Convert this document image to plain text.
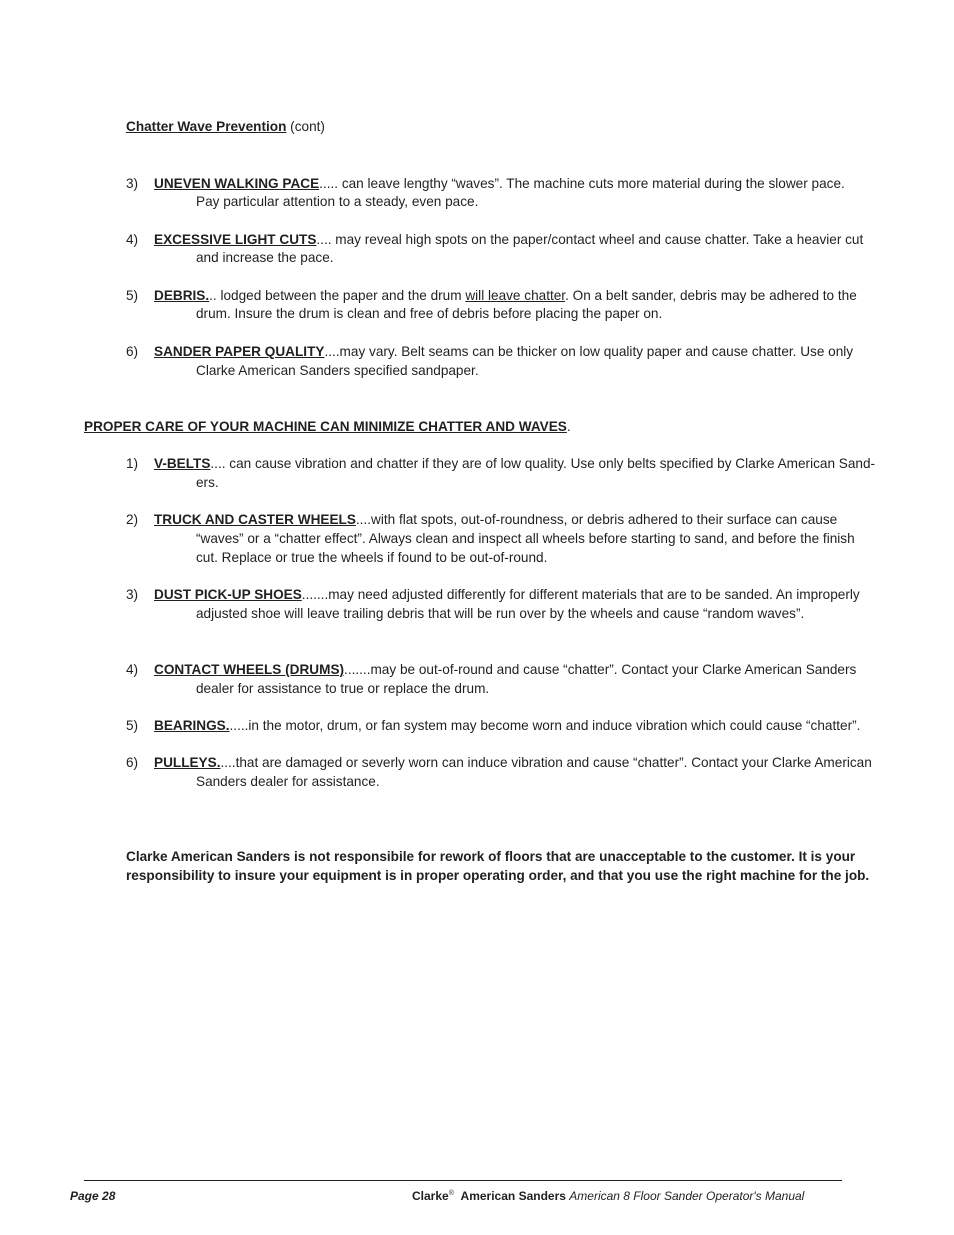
Chatter Wave Prevention (cont)
3) UNEVEN WALKING PACE..... can leave lengthy “waves”. The machine cuts more material during the slower pace.
Pay particular attention to a steady, even pace.
4) EXCESSIVE LIGHT CUTS.... may reveal high spots on the paper/contact wheel and cause chatter. Take a heavier cut
and increase the pace.
5) DEBRIS... lodged between the paper and the drum will leave chatter. On a belt sander, debris may be adhered to the
drum. Insure the drum is clean and free of debris before placing the paper on.
6) SANDER PAPER QUALITY....may vary. Belt seams can be thicker on low quality paper and cause chatter. Use only
Clarke American Sanders specified sandpaper.
PROPER CARE OF YOUR MACHINE CAN MINIMIZE CHATTER AND WAVES.
1) V-BELTS.... can cause vibration and chatter if they are of low quality. Use only belts specified by Clarke American Sand-
ers.
2) TRUCK AND CASTER WHEELS....with flat spots, out-of-roundness, or debris adhered to their surface can cause
“waves” or a “chatter effect”. Always clean and inspect all wheels before starting to sand, and before the finish
cut. Replace or true the wheels if found to be out-of-round.
3) DUST PICK-UP SHOES.......may need adjusted differently for different materials that are to be sanded. An improperly
adjusted shoe will leave trailing debris that will be run over by the wheels and cause “random waves”.
4) CONTACT WHEELS (DRUMS).......may be out-of-round and cause “chatter”. Contact your Clarke American Sanders
dealer for assistance to true or replace the drum.
5) BEARINGS......in the motor, drum, or fan system may become worn and induce vibration which could cause “chatter”.
6) PULLEYS.....that are damaged or severly worn can induce vibration and cause “chatter”. Contact your Clarke American
Sanders dealer for assistance.
Clarke American Sanders is not responsibile for rework of floors that are unacceptable to the customer. It is your
responsibility to insure your equipment is in proper operating order, and that you use the right machine for the job.
Page 28	Clarke® American Sanders American 8 Floor Sander Operator's Manual
